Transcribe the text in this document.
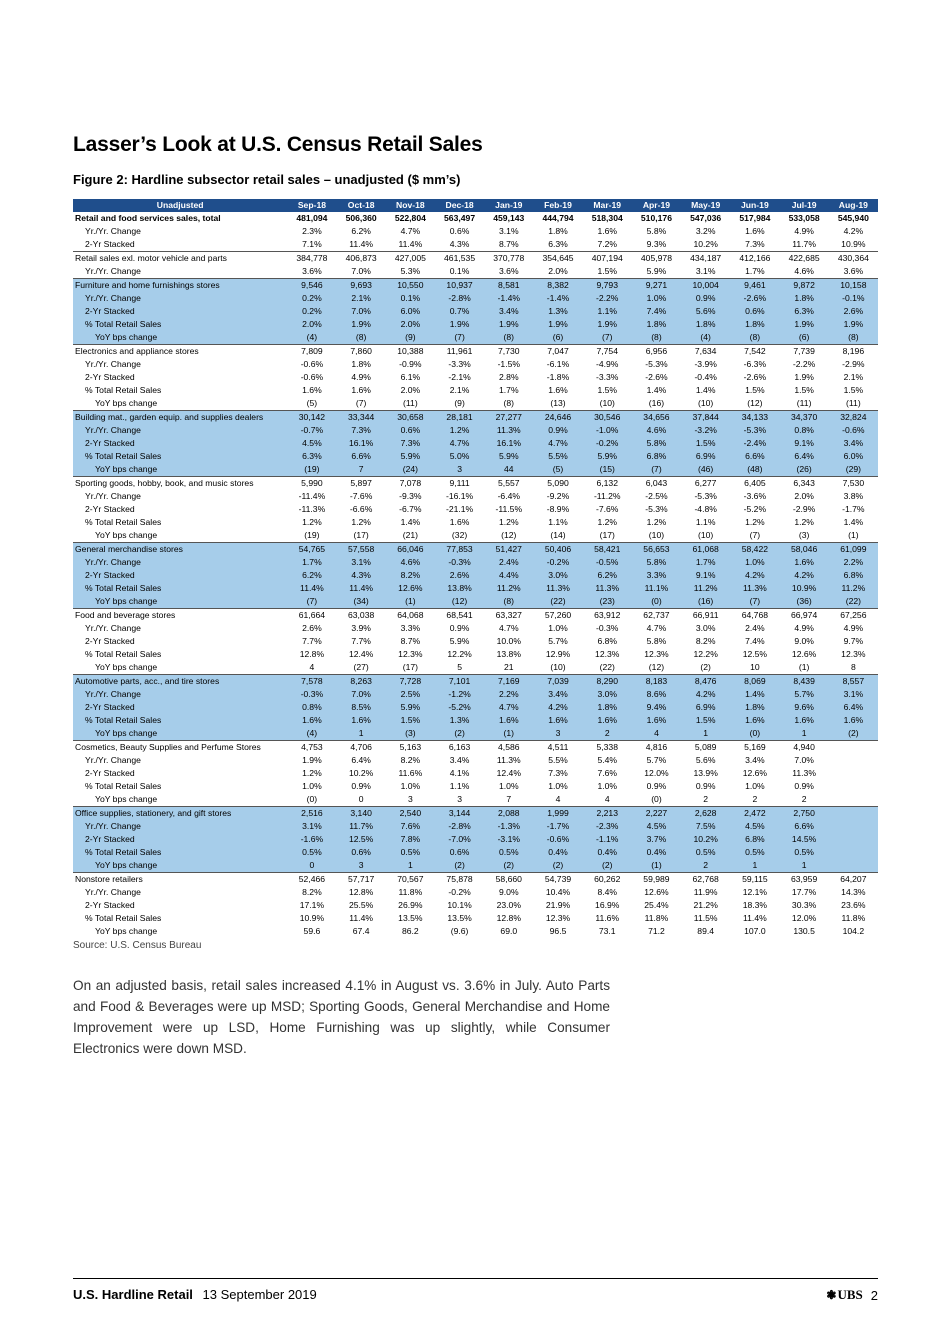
Lasser’s Look at U.S. Census Retail Sales
Figure 2: Hardline subsector retail sales – unadjusted ($ mm’s)
Unadjusted	Sep-18	Oct-18	Nov-18	Dec-18	Jan-19	Feb-19	Mar-19	Apr-19	May-19	Jun-19	Jul-19	Aug-19
Retail and food services sales, total	481,094	506,360	522,804	563,497	459,143	444,794	518,304	510,176	547,036	517,984	533,058	545,940
Yr./Yr. Change	2.3%	6.2%	4.7%	0.6%	3.1%	1.8%	1.6%	5.8%	3.2%	1.6%	4.9%	4.2%
2-Yr Stacked	7.1%	11.4%	11.4%	4.3%	8.7%	6.3%	7.2%	9.3%	10.2%	7.3%	11.7%	10.9%
Retail sales exl. motor vehicle and parts	384,778	406,873	427,005	461,535	370,778	354,645	407,194	405,978	434,187	412,166	422,685	430,364
Yr./Yr. Change	3.6%	7.0%	5.3%	0.1%	3.6%	2.0%	1.5%	5.9%	3.1%	1.7%	4.6%	3.6%
Furniture and home furnishings stores	9,546	9,693	10,550	10,937	8,581	8,382	9,793	9,271	10,004	9,461	9,872	10,158
Yr./Yr. Change	0.2%	2.1%	0.1%	-2.8%	-1.4%	-1.4%	-2.2%	1.0%	0.9%	-2.6%	1.8%	-0.1%
2-Yr Stacked	0.2%	7.0%	6.0%	0.7%	3.4%	1.3%	1.1%	7.4%	5.6%	0.6%	6.3%	2.6%
% Total Retail Sales	2.0%	1.9%	2.0%	1.9%	1.9%	1.9%	1.9%	1.8%	1.8%	1.8%	1.9%	1.9%
YoY bps change	(4)	(8)	(9)	(7)	(8)	(6)	(7)	(8)	(4)	(8)	(6)	(8)
Electronics and appliance stores	7,809	7,860	10,388	11,961	7,730	7,047	7,754	6,956	7,634	7,542	7,739	8,196
Yr./Yr. Change	-0.6%	1.8%	-0.9%	-3.3%	-1.5%	-6.1%	-4.9%	-5.3%	-3.9%	-6.3%	-2.2%	-2.9%
2-Yr Stacked	-0.6%	4.9%	6.1%	-2.1%	2.8%	-1.8%	-3.3%	-2.6%	-0.4%	-2.6%	1.9%	2.1%
% Total Retail Sales	1.6%	1.6%	2.0%	2.1%	1.7%	1.6%	1.5%	1.4%	1.4%	1.5%	1.5%	1.5%
YoY bps change	(5)	(7)	(11)	(9)	(8)	(13)	(10)	(16)	(10)	(12)	(11)	(11)
Building mat., garden equip. and supplies dealers	30,142	33,344	30,658	28,181	27,277	24,646	30,546	34,656	37,844	34,133	34,370	32,824
Yr./Yr. Change	-0.7%	7.3%	0.6%	1.2%	11.3%	0.9%	-1.0%	4.6%	-3.2%	-5.3%	0.8%	-0.6%
2-Yr Stacked	4.5%	16.1%	7.3%	4.7%	16.1%	4.7%	-0.2%	5.8%	1.5%	-2.4%	9.1%	3.4%
% Total Retail Sales	6.3%	6.6%	5.9%	5.0%	5.9%	5.5%	5.9%	6.8%	6.9%	6.6%	6.4%	6.0%
YoY bps change	(19)	7	(24)	3	44	(5)	(15)	(7)	(46)	(48)	(26)	(29)
Sporting goods, hobby, book, and music stores	5,990	5,897	7,078	9,111	5,557	5,090	6,132	6,043	6,277	6,405	6,343	7,530
Yr./Yr. Change	-11.4%	-7.6%	-9.3%	-16.1%	-6.4%	-9.2%	-11.2%	-2.5%	-5.3%	-3.6%	2.0%	3.8%
2-Yr Stacked	-11.3%	-6.6%	-6.7%	-21.1%	-11.5%	-8.9%	-7.6%	-5.3%	-4.8%	-5.2%	-2.9%	-1.7%
% Total Retail Sales	1.2%	1.2%	1.4%	1.6%	1.2%	1.1%	1.2%	1.2%	1.1%	1.2%	1.2%	1.4%
YoY bps change	(19)	(17)	(21)	(32)	(12)	(14)	(17)	(10)	(10)	(7)	(3)	(1)
General merchandise stores	54,765	57,558	66,046	77,853	51,427	50,406	58,421	56,653	61,068	58,422	58,046	61,099
Yr./Yr. Change	1.7%	3.1%	4.6%	-0.3%	2.4%	-0.2%	-0.5%	5.8%	1.7%	1.0%	1.6%	2.2%
2-Yr Stacked	6.2%	4.3%	8.2%	2.6%	4.4%	3.0%	6.2%	3.3%	9.1%	4.2%	4.2%	6.8%
% Total Retail Sales	11.4%	11.4%	12.6%	13.8%	11.2%	11.3%	11.3%	11.1%	11.2%	11.3%	10.9%	11.2%
YoY bps change	(7)	(34)	(1)	(12)	(8)	(22)	(23)	(0)	(16)	(7)	(36)	(22)
Food and beverage stores	61,664	63,038	64,068	68,541	63,327	57,260	63,912	62,737	66,911	64,768	66,974	67,256
Yr./Yr. Change	2.6%	3.9%	3.3%	0.9%	4.7%	1.0%	-0.3%	4.7%	3.0%	2.4%	4.9%	4.9%
2-Yr Stacked	7.7%	7.7%	8.7%	5.9%	10.0%	5.7%	6.8%	5.8%	8.2%	7.4%	9.0%	9.7%
% Total Retail Sales	12.8%	12.4%	12.3%	12.2%	13.8%	12.9%	12.3%	12.3%	12.2%	12.5%	12.6%	12.3%
YoY bps change	4	(27)	(17)	5	21	(10)	(22)	(12)	(2)	10	(1)	8
Automotive parts, acc., and tire stores	7,578	8,263	7,728	7,101	7,169	7,039	8,290	8,183	8,476	8,069	8,439	8,557
Yr./Yr. Change	-0.3%	7.0%	2.5%	-1.2%	2.2%	3.4%	3.0%	8.6%	4.2%	1.4%	5.7%	3.1%
2-Yr Stacked	0.8%	8.5%	5.9%	-5.2%	4.7%	4.2%	1.8%	9.4%	6.9%	1.8%	9.6%	6.4%
% Total Retail Sales	1.6%	1.6%	1.5%	1.3%	1.6%	1.6%	1.6%	1.6%	1.5%	1.6%	1.6%	1.6%
YoY bps change	(4)	1	(3)	(2)	(1)	3	2	4	1	(0)	1	(2)
Cosmetics, Beauty Supplies and Perfume Stores	4,753	4,706	5,163	6,163	4,586	4,511	5,338	4,816	5,089	5,169	4,940	
Yr./Yr. Change	1.9%	6.4%	8.2%	3.4%	11.3%	5.5%	5.4%	5.7%	5.6%	3.4%	7.0%	
2-Yr Stacked	1.2%	10.2%	11.6%	4.1%	12.4%	7.3%	7.6%	12.0%	13.9%	12.6%	11.3%	
% Total Retail Sales	1.0%	0.9%	1.0%	1.1%	1.0%	1.0%	1.0%	0.9%	0.9%	1.0%	0.9%	
YoY bps change	(0)	0	3	3	7	4	4	(0)	2	2	2	
Office supplies, stationery, and gift stores	2,516	3,140	2,540	3,144	2,088	1,999	2,213	2,227	2,628	2,472	2,750	
Yr./Yr. Change	3.1%	11.7%	7.6%	-2.8%	-1.3%	-1.7%	-2.3%	4.5%	7.5%	4.5%	6.6%	
2-Yr Stacked	-1.6%	12.5%	7.8%	-7.0%	-3.1%	-0.6%	-1.1%	3.7%	10.2%	6.8%	14.5%	
% Total Retail Sales	0.5%	0.6%	0.5%	0.6%	0.5%	0.4%	0.4%	0.4%	0.5%	0.5%	0.5%	
YoY bps change	0	3	1	(2)	(2)	(2)	(2)	(1)	2	1	1	
Nonstore retailers	52,466	57,717	70,567	75,878	58,660	54,739	60,262	59,989	62,768	59,115	63,959	64,207
Yr./Yr. Change	8.2%	12.8%	11.8%	-0.2%	9.0%	10.4%	8.4%	12.6%	11.9%	12.1%	17.7%	14.3%
2-Yr Stacked	17.1%	25.5%	26.9%	10.1%	23.0%	21.9%	16.9%	25.4%	21.2%	18.3%	30.3%	23.6%
% Total Retail Sales	10.9%	11.4%	13.5%	13.5%	12.8%	12.3%	11.6%	11.8%	11.5%	11.4%	12.0%	11.8%
YoY bps change	59.6	67.4	86.2	(9.6)	69.0	96.5	73.1	71.2	89.4	107.0	130.5	104.2
Source: U.S. Census Bureau
On an adjusted basis, retail sales increased 4.1% in August vs. 3.6% in July. Auto Parts and Food & Beverages were up MSD; Sporting Goods, General Merchandise and Home Improvement were up LSD, Home Furnishing was up slightly, while Consumer Electronics were down MSD.
U.S. Hardline Retail 13 September 2019	❃ UBS 2
